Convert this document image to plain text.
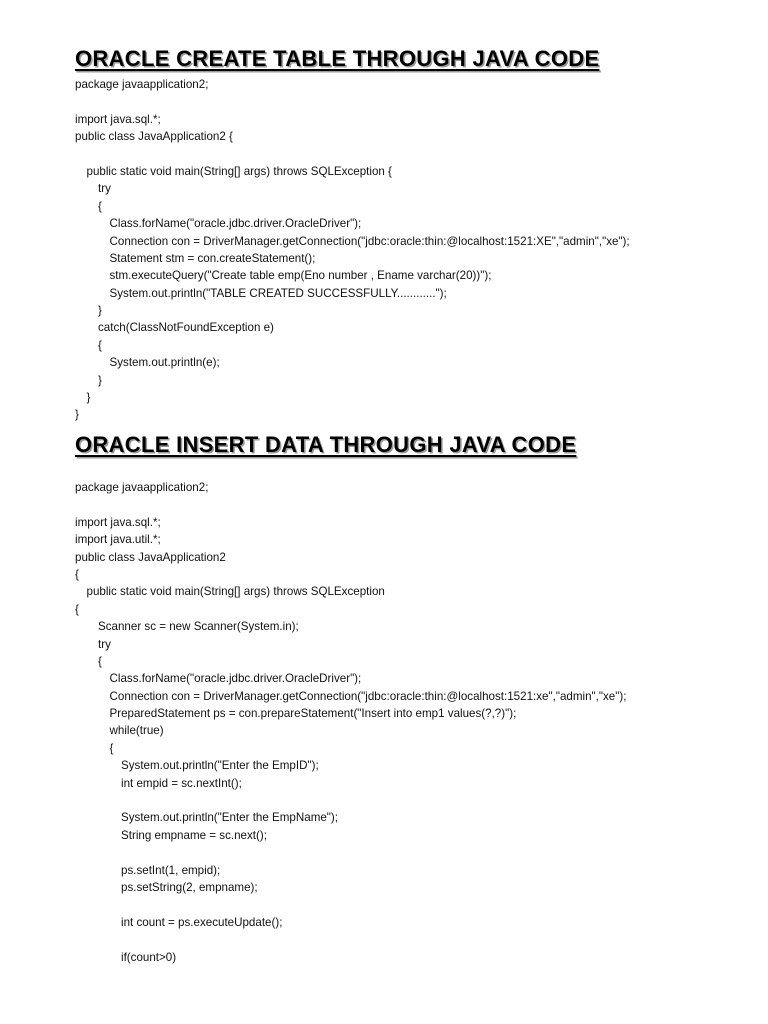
ORACLE CREATE TABLE THROUGH JAVA CODE
package javaapplication2;
import java.sql.*;
public class JavaApplication2 {
public static void main(String[] args) throws SQLException {
try
{
Class.forName("oracle.jdbc.driver.OracleDriver");
Connection con = DriverManager.getConnection("jdbc:oracle:thin:@localhost:1521:XE","admin","xe");
Statement stm = con.createStatement();
stm.executeQuery("Create table emp(Eno number , Ename varchar(20))");
System.out.println("TABLE CREATED SUCCESSFULLY............");
}
catch(ClassNotFoundException e)
{
System.out.println(e);
}
}
}
ORACLE INSERT DATA THROUGH JAVA CODE
package javaapplication2;
import java.sql.*;
import java.util.*;
public class JavaApplication2
{
public static void main(String[] args) throws SQLException
{
Scanner sc = new Scanner(System.in);
try
{
Class.forName("oracle.jdbc.driver.OracleDriver");
Connection con = DriverManager.getConnection("jdbc:oracle:thin:@localhost:1521:xe","admin","xe");
PreparedStatement ps = con.prepareStatement("Insert into emp1 values(?,?)");
while(true)
{
System.out.println("Enter the EmpID");
int empid = sc.nextInt();
System.out.println("Enter the EmpName");
String empname = sc.next();
ps.setInt(1, empid);
ps.setString(2, empname);
int count = ps.executeUpdate();
if(count>0)
